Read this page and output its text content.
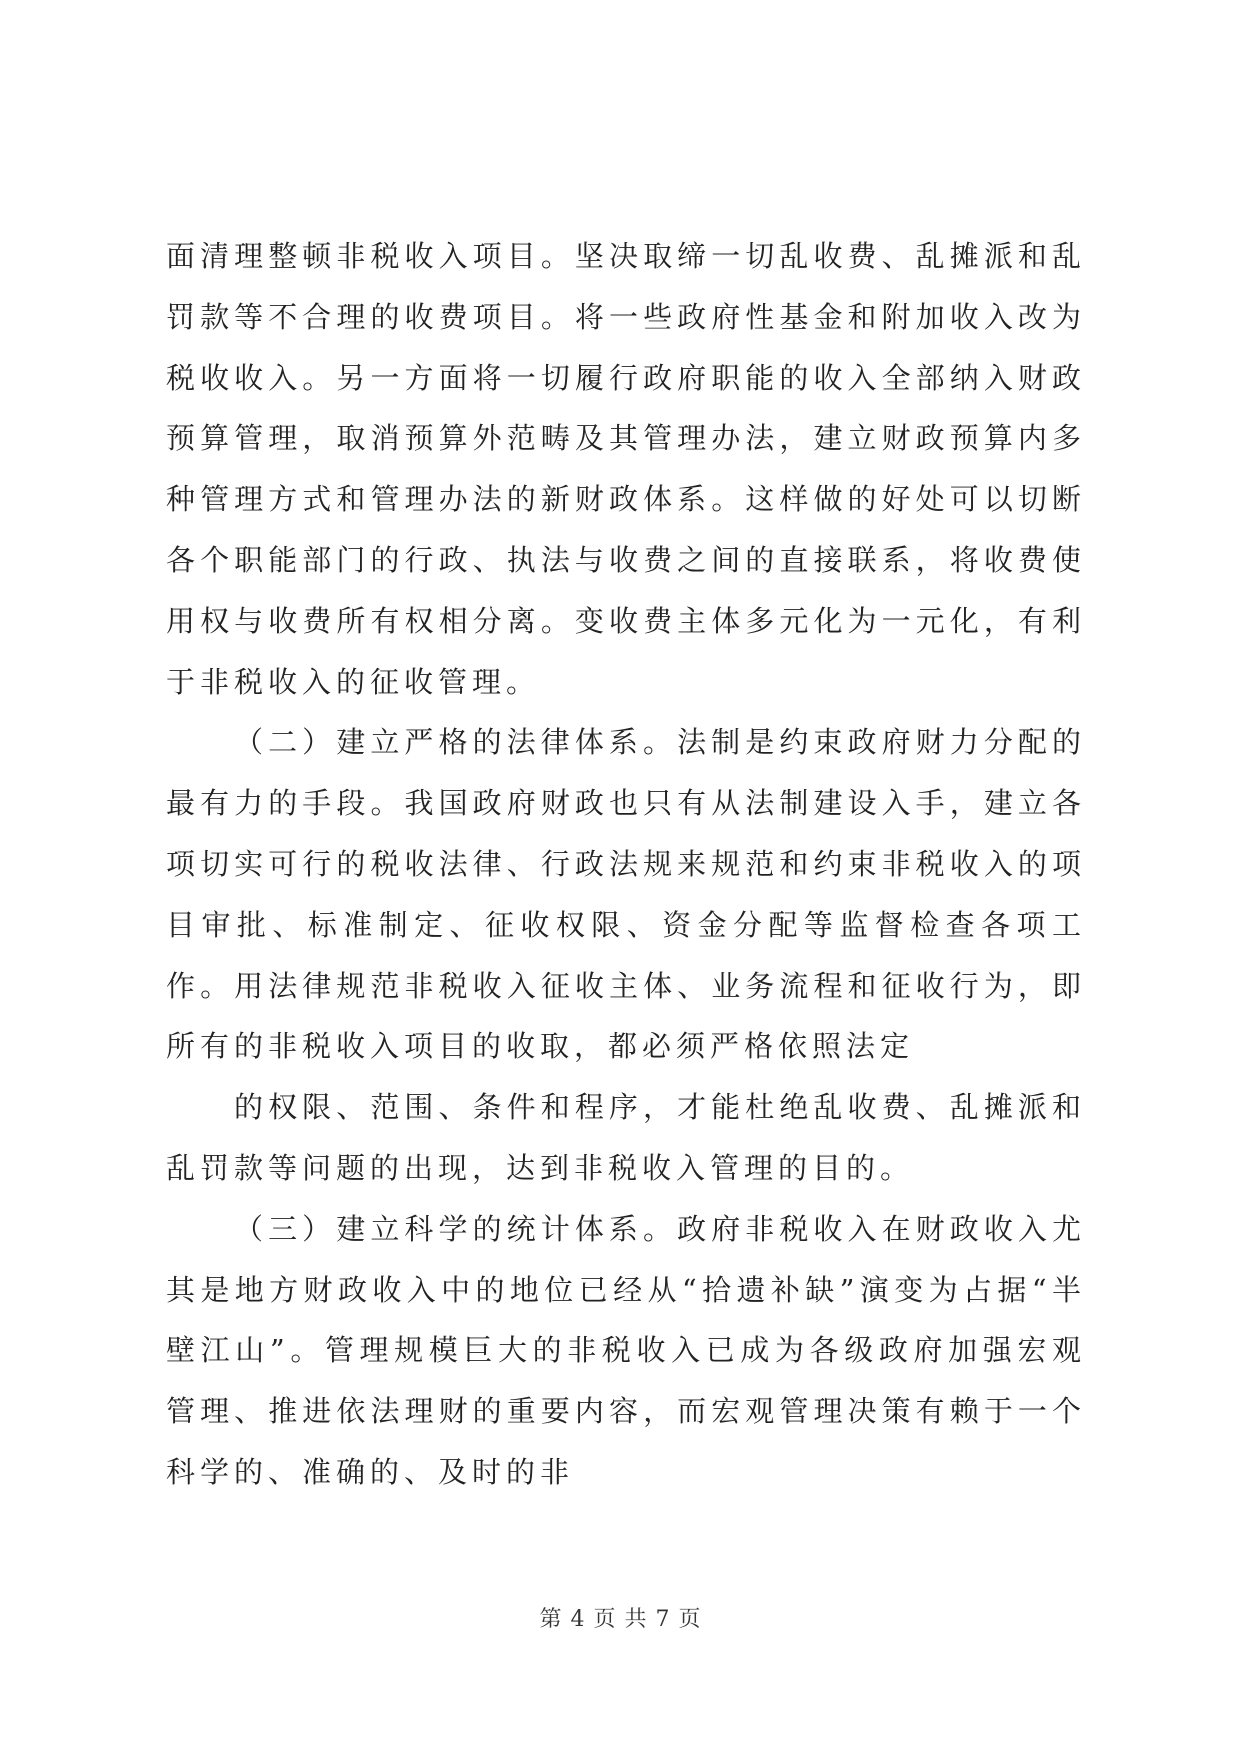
面清理整顿非税收入项目。坚决取缔一切乱收费、乱摊派和乱罚款等不合理的收费项目。将一些政府性基金和附加收入改为税收收入。另一方面将一切履行政府职能的收入全部纳入财政预算管理，取消预算外范畴及其管理办法，建立财政预算内多种管理方式和管理办法的新财政体系。这样做的好处可以切断各个职能部门的行政、执法与收费之间的直接联系，将收费使用权与收费所有权相分离。变收费主体多元化为一元化，有利于非税收入的征收管理。

（二）建立严格的法律体系。法制是约束政府财力分配的最有力的手段。我国政府财政也只有从法制建设入手，建立各项切实可行的税收法律、行政法规来规范和约束非税收入的项目审批、标准制定、征收权限、资金分配等监督检查各项工作。用法律规范非税收入征收主体、业务流程和征收行为，即所有的非税收入项目的收取，都必须严格依照法定

的权限、范围、条件和程序，才能杜绝乱收费、乱摊派和乱罚款等问题的出现，达到非税收入管理的目的。

（三）建立科学的统计体系。政府非税收入在财政收入尤其是地方财政收入中的地位已经从“拾遗补缺”演变为占据“半壁江山”。管理规模巨大的非税收入已成为各级政府加强宏观管理、推进依法理财的重要内容，而宏观管理决策有赖于一个科学的、准确的、及时的非

第 4 页 共 7 页
